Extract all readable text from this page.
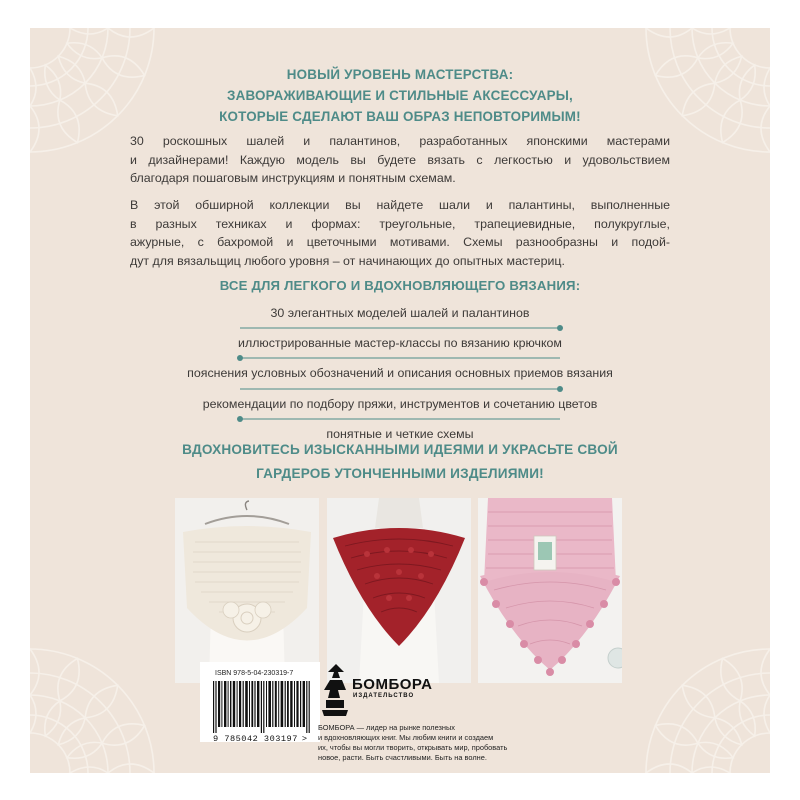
НОВЫЙ УРОВЕНЬ МАСТЕРСТВА:
ЗАВОРАЖИВАЮЩИЕ И СТИЛЬНЫЕ АКСЕССУАРЫ,
КОТОРЫЕ СДЕЛАЮТ ВАШ ОБРАЗ НЕПОВТОРИМЫМ!
30 роскошных шалей и палантинов, разработанных японскими мастерами
и дизайнерами! Каждую модель вы будете вязать с легкостью и удовольствием
благодаря пошаговым инструкциям и понятным схемам.
В этой обширной коллекции вы найдете шали и палантины, выполненные
в разных техниках и формах: треугольные, трапециевидные, полукруглые,
ажурные, с бахромой и цветочными мотивами. Схемы разнообразны и подой-
дут для вязальщиц любого уровня – от начинающих до опытных мастериц.
ВСЕ ДЛЯ ЛЕГКОГО И ВДОХНОВЛЯЮЩЕГО ВЯЗАНИЯ:
30 элегантных моделей шалей и палантинов
иллюстрированные мастер-классы по вязанию крючком
пояснения условных обозначений и описания основных приемов вязания
рекомендации по подбору пряжи, инструментов и сочетанию цветов
понятные и четкие схемы
ВДОХНОВИТЕСЬ ИЗЫСКАННЫМИ ИДЕЯМИ И УКРАСЬТЕ СВОЙ
ГАРДЕРОБ УТОНЧЕННЫМИ ИЗДЕЛИЯМИ!
ISBN 978-5-04-230319-7
9 785042 303197 >
БОМБОРА
ИЗДАТЕЛЬСТВО
БОМБОРА — лидер на рынке полезных
и вдохновляющих книг. Мы любим книги и создаем
их, чтобы вы могли творить, открывать мир, пробовать
новое, расти. Быть счастливыми. Быть на волне.
